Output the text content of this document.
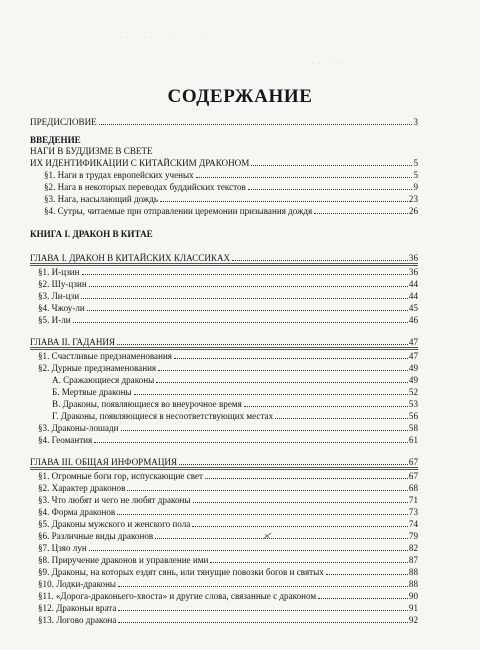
· · · · · · · · · · · · · · · ·
· · · · · · · ·
СОДЕРЖАНИЕ
ПРЕДИСЛОВИЕ	3
ВВЕДЕНИЕ
НАГИ В БУДДИЗМЕ В СВЕТЕ
ИХ ИДЕНТИФИКАЦИИ С КИТАЙСКИМ ДРАКОНОМ	5
§1. Наги в трудах европейских ученых	5
§2. Нага в некоторых переводах буддийских текстов	9
§3. Нага, насылающий дождь	23
§4. Сутры, читаемые при отправлении церемонии призывания дождя	26
КНИГА I. ДРАКОН В КИТАЕ
ГЛАВА I. ДРАКОН В КИТАЙСКИХ КЛАССИКАХ	36
§1. И-цзин	36
§2. Шу-цзин	44
§3. Ли-цзи	44
§4. Чжоу-ли	45
§5. И-ли	46
ГЛАВА II. ГАДАНИЯ	47
§1. Счастливые предзнаменования	47
§2. Дурные предзнаменования	49
А. Сражающиеся драконы	49
Б. Мертвые драконы	52
В. Драконы, появляющиеся во внеурочное время	53
Г. Драконы, появляющиеся в несоответствующих местах	56
§3. Драконы-лошади	58
§4. Геомантия	61
ГЛАВА III. ОБЩАЯ ИНФОРМАЦИЯ	67
§1. Огромные боги гор, испускающие свет	67
§2. Характер драконов	68
§3. Что любят и чего не любят драконы	71
§4. Форма драконов	73
§5. Драконы мужского и женского пола	74
§6. Различные виды драконов	79
§7. Цзяо лун	82
§8. Приручение драконов и управление ими	87
§9. Драконы, на которых ездят сянь, или тянущие повозки богов и святых	88
§10. Лодки-драконы	88
§11. «Дорога-драконьего-хвоста» и другие слова, связанные с драконом	90
§12. Драконьи врата	91
§13. Логово дракона	92
